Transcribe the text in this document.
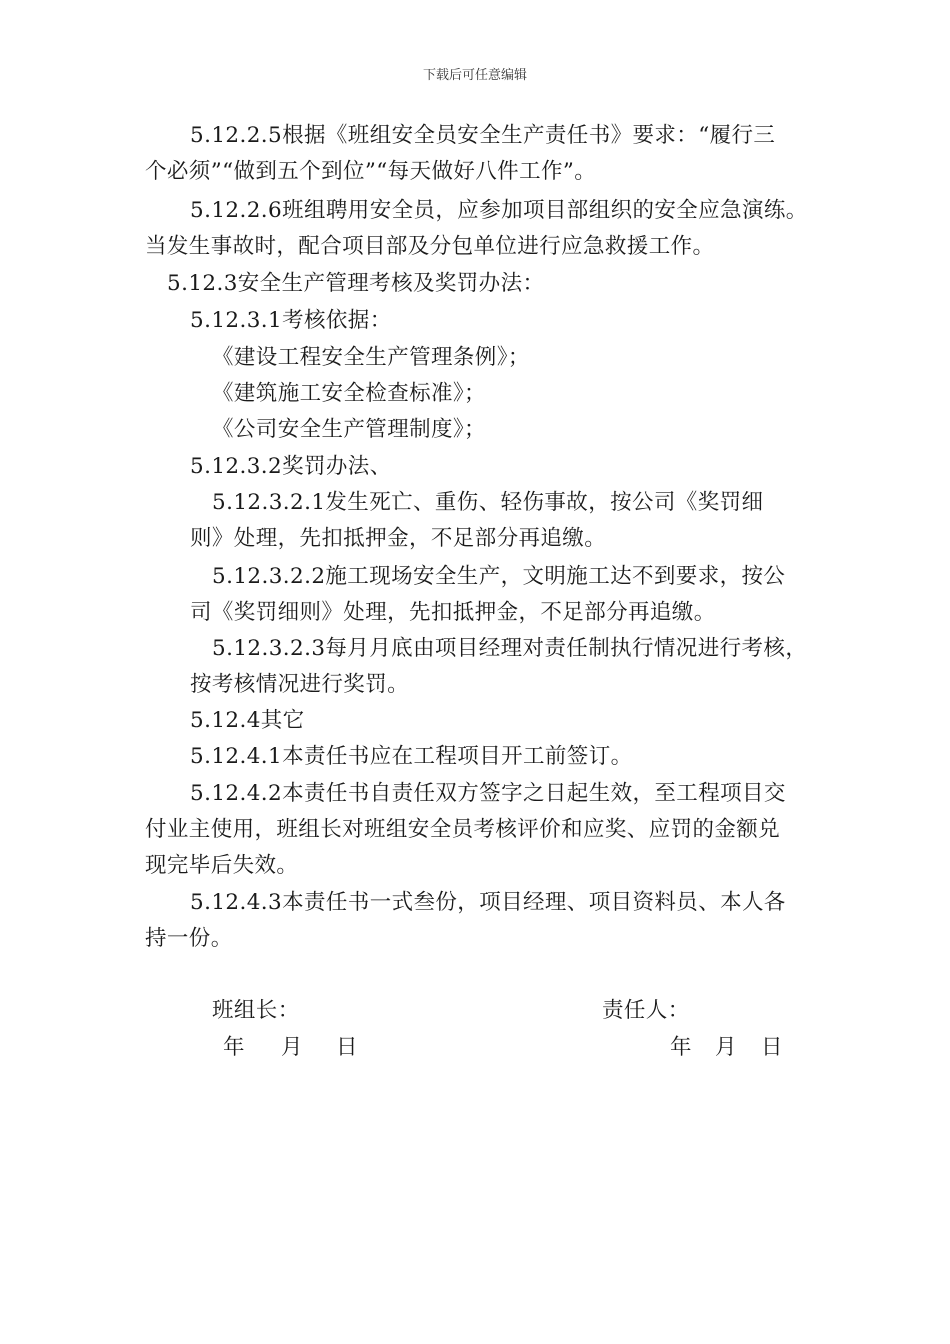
下载后可任意编辑
5.12.2.5根据《班组安全员安全生产责任书》要求：“履行三
个必须”“做到五个到位”“每天做好八件工作”。
5.12.2.6班组聘用安全员，应参加项目部组织的安全应急演练。
当发生事故时，配合项目部及分包单位进行应急救援工作。
5.12.3安全生产管理考核及奖罚办法：
5.12.3.1考核依据：
《建设工程安全生产管理条例》；
《建筑施工安全检查标准》；
《公司安全生产管理制度》；
5.12.3.2奖罚办法、
5.12.3.2.1发生死亡、重伤、轻伤事故，按公司《奖罚细
则》处理，先扣抵押金，不足部分再追缴。
5.12.3.2.2施工现场安全生产，文明施工达不到要求，按公
司《奖罚细则》处理，先扣抵押金，不足部分再追缴。
5.12.3.2.3每月月底由项目经理对责任制执行情况进行考核，
按考核情况进行奖罚。
5.12.4其它
5.12.4.1本责任书应在工程项目开工前签订。
5.12.4.2本责任书自责任双方签字之日起生效，至工程项目交
付业主使用，班组长对班组安全员考核评价和应奖、应罚的金额兑
现完毕后失效。
5.12.4.3本责任书一式叁份，项目经理、项目资料员、本人各
持一份。
班组长：	责任人：
年 月 日	年 月 日
